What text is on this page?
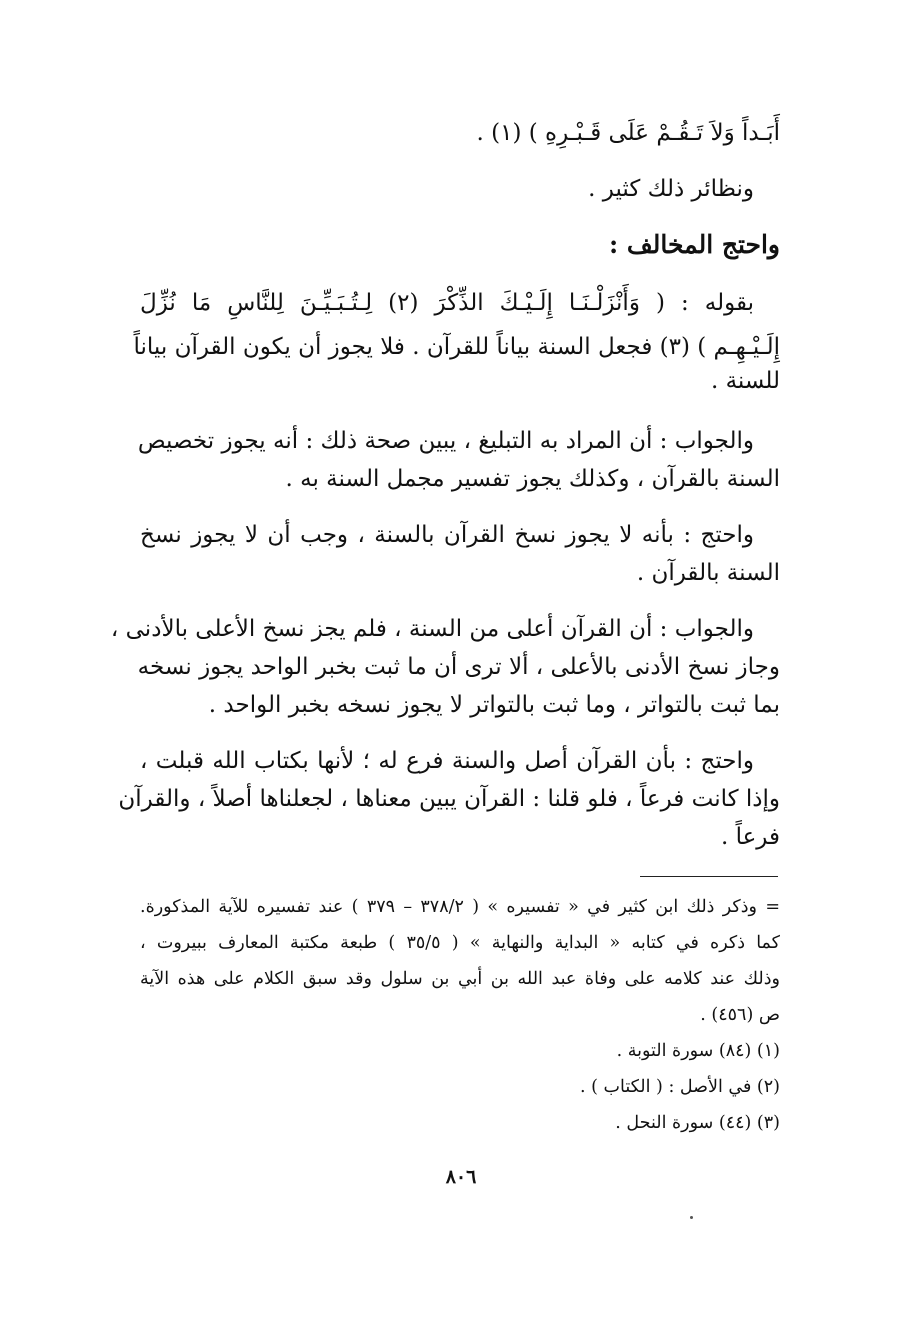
أَبَـداً وَلاَ تَـقُـمْ عَلَى قَـبْـرِهِ ) (١) .
ونظائر ذلك كثير .
واحتج المخالف :
بقوله : ( وَأَنْزَلْـنَـا إِلَـيْـكَ الذِّكْرَ (٢) لِـتُـبَـيِّـنَ لِلنَّاسِ مَا نُزِّلَ
إِلَـيْـهِـم ) (٣) فجعل السنة بياناً للقرآن . فلا يجوز أن يكون القرآن بياناً
للسنة .
والجواب : أن المراد به التبليغ ، يبين صحة ذلك : أنه يجوز تخصيص
السنة بالقرآن ، وكذلك يجوز تفسير مجمل السنة به .
واحتج : بأنه لا يجوز نسخ القرآن بالسنة ، وجب أن لا يجوز نسخ
السنة بالقرآن .
والجواب : أن القرآن أعلى من السنة ، فلم يجز نسخ الأعلى بالأدنى ،
وجاز نسخ الأدنى بالأعلى ، ألا ترى أن ما ثبت بخبر الواحد يجوز نسخه
بما ثبت بالتواتر ، وما ثبت بالتواتر لا يجوز نسخه بخبر الواحد .
واحتج : بأن القرآن أصل والسنة فرع له ؛ لأنها بكتاب الله قبلت ،
وإذا كانت فرعاً ، فلو قلنا : القرآن يبين معناها ، لجعلناها أصلاً ، والقرآن
فرعاً .
= وذكر ذلك ابن كثير في « تفسيره » ( ٣٧٨/٢ – ٣٧٩ ) عند تفسيره للآية المذكورة.
كما ذكره في كتابه « البداية والنهاية » ( ٣٥/٥ ) طبعة مكتبة المعارف ببيروت ،
وذلك عند كلامه على وفاة عبد الله بن أبي بن سلول وقد سبق الكلام على هذه الآية
ص (٤٥٦) .
(١) (٨٤) سورة التوبة .
(٢) في الأصل : ( الكتاب ) .
(٣) (٤٤) سورة النحل .
٨٠٦
